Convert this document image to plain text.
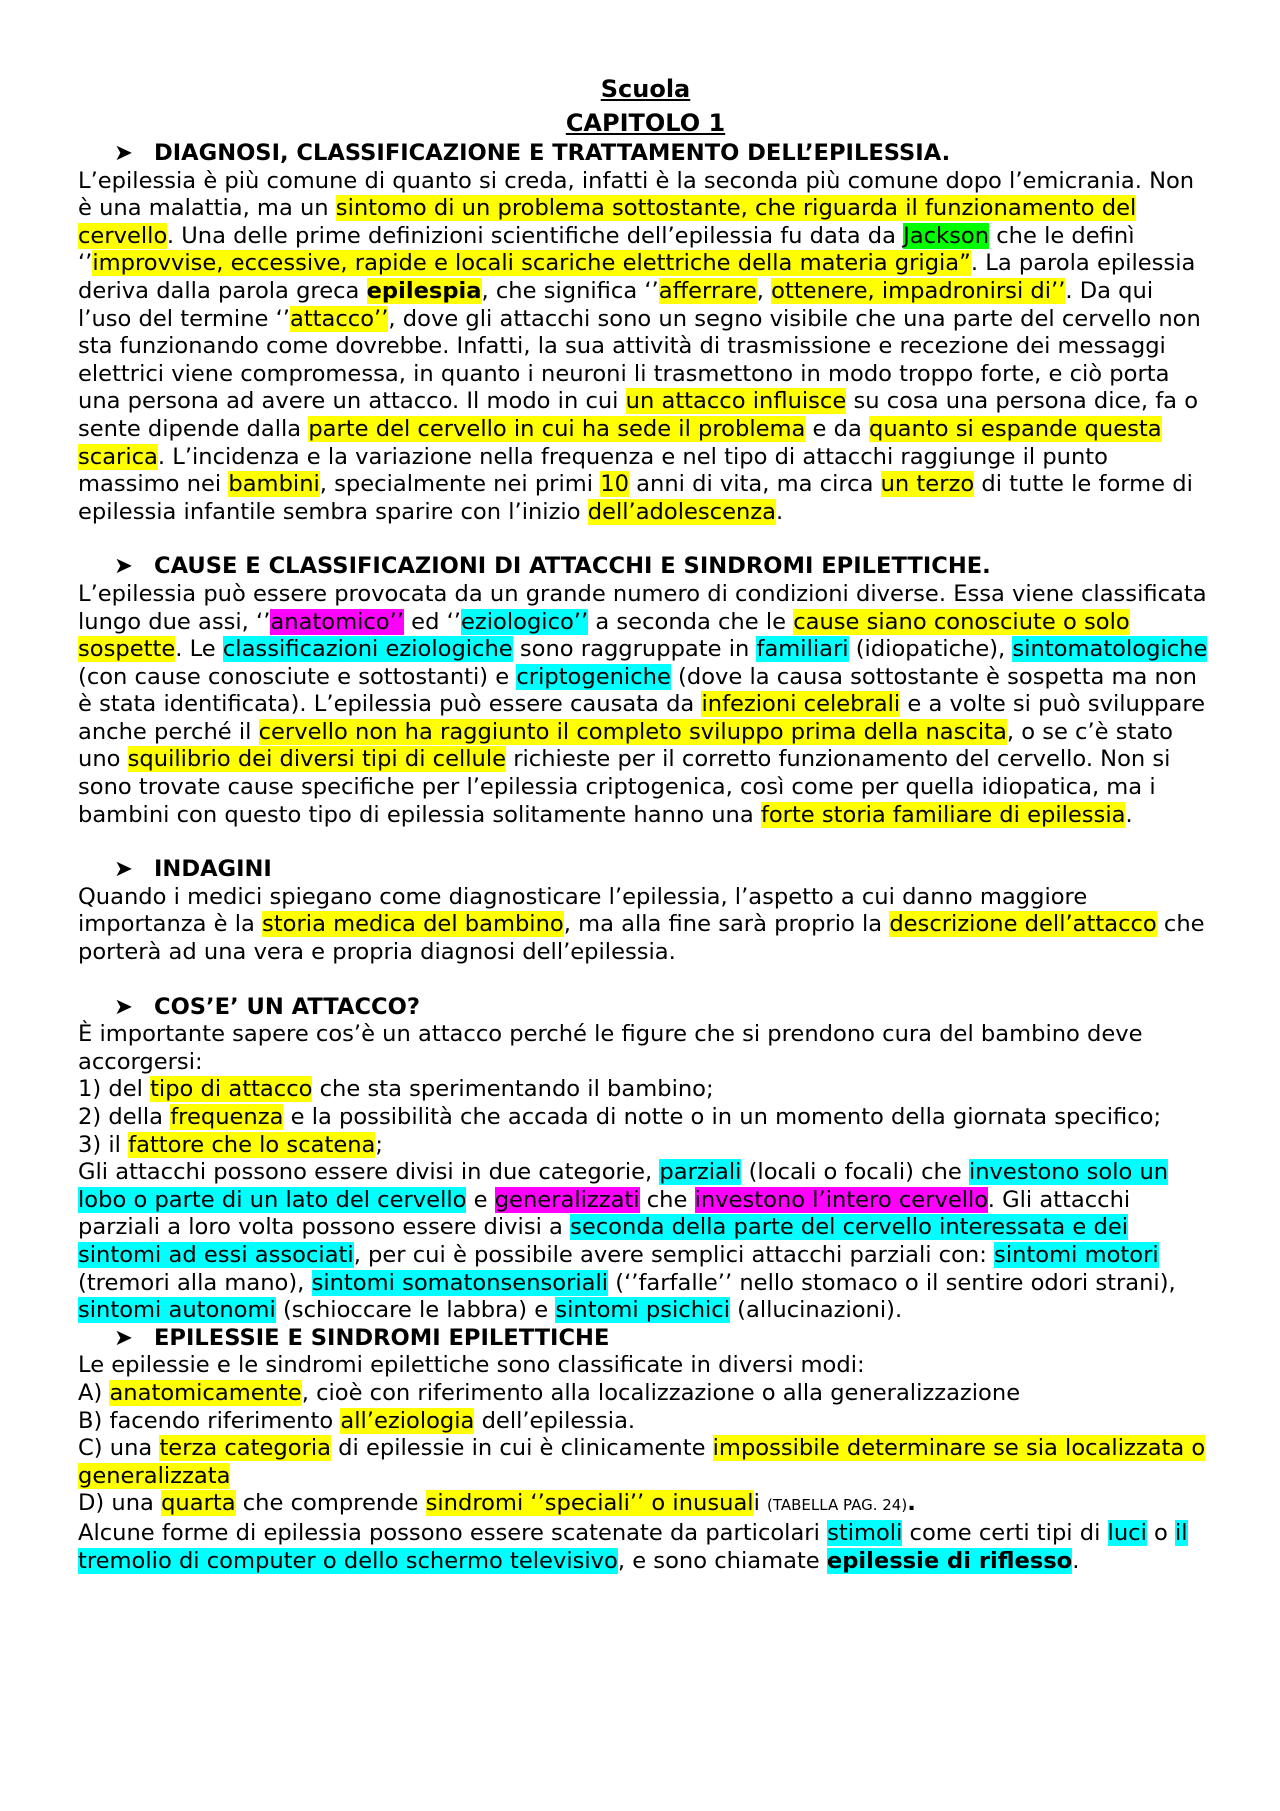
Scuola
CAPITOLO 1
➤ DIAGNOSI, CLASSIFICAZIONE E TRATTAMENTO DELL’EPILESSIA.

L’epilessia è più comune di quanto si creda, infatti è la seconda più comune dopo l’emicrania. Non è una malattia, ma un sintomo di un problema sottostante, che riguarda il funzionamento del cervello. Una delle prime definizioni scientifiche dell’epilessia fu data da Jackson che le definì ‘’improvvise, eccessive, rapide e locali scariche elettriche della materia grigia”. La parola epilessia deriva dalla parola greca epilespia, che significa ‘’afferrare, ottenere, impadronirsi di’’. Da qui l’uso del termine ‘’attacco’’, dove gli attacchi sono un segno visibile che una parte del cervello non sta funzionando come dovrebbe. Infatti, la sua attività di trasmissione e recezione dei messaggi elettrici viene compromessa, in quanto i neuroni li trasmettono in modo troppo forte, e ciò porta una persona ad avere un attacco. Il modo in cui un attacco influisce su cosa una persona dice, fa o sente dipende dalla parte del cervello in cui ha sede il problema e da quanto si espande questa scarica. L’incidenza e la variazione nella frequenza e nel tipo di attacchi raggiunge il punto massimo nei bambini, specialmente nei primi 10 anni di vita, ma circa un terzo di tutte le forme di epilessia infantile sembra sparire con l’inizio dell’adolescenza.

➤ CAUSE E CLASSIFICAZIONI DI ATTACCHI E SINDROMI EPILETTICHE.

L’epilessia può essere provocata da un grande numero di condizioni diverse. Essa viene classificata lungo due assi, ‘’anatomico’’ ed ‘’eziologico’’ a seconda che le cause siano conosciute o solo sospette. Le classificazioni eziologiche sono raggruppate in familiari (idiopatiche), sintomatologiche (con cause conosciute e sottostanti) e criptogeniche (dove la causa sottostante è sospetta ma non è stata identificata). L’epilessia può essere causata da infezioni celebrali e a volte si può sviluppare anche perché il cervello non ha raggiunto il completo sviluppo prima della nascita, o se c’è stato uno squilibrio dei diversi tipi di cellule richieste per il corretto funzionamento del cervello. Non si sono trovate cause specifiche per l’epilessia criptogenica, così come per quella idiopatica, ma i bambini con questo tipo di epilessia solitamente hanno una forte storia familiare di epilessia.

➤ INDAGINI

Quando i medici spiegano come diagnosticare l’epilessia, l’aspetto a cui danno maggiore importanza è la storia medica del bambino, ma alla fine sarà proprio la descrizione dell’attacco che porterà ad una vera e propria diagnosi dell’epilessia.

➤ COS’E’ UN ATTACCO?

È importante sapere cos’è un attacco perché le figure che si prendono cura del bambino deve accorgersi:

1) del tipo di attacco che sta sperimentando il bambino;

2) della frequenza e la possibilità che accada di notte o in un momento della giornata specifico;

3) il fattore che lo scatena;

Gli attacchi possono essere divisi in due categorie, parziali (locali o focali) che investono solo un lobo o parte di un lato del cervello e generalizzati che investono l’intero cervello. Gli attacchi parziali a loro volta possono essere divisi a seconda della parte del cervello interessata e dei sintomi ad essi associati, per cui è possibile avere semplici attacchi parziali con: sintomi motori (tremori alla mano), sintomi somatonsensoriali (‘’farfalle’’ nello stomaco o il sentire odori strani), sintomi autonomi (schioccare le labbra) e sintomi psichici (allucinazioni).

➤ EPILESSIE E SINDROMI EPILETTICHE

Le epilessie e le sindromi epilettiche sono classificate in diversi modi:

A) anatomicamente, cioè con riferimento alla localizzazione o alla generalizzazione

B) facendo riferimento all’eziologia dell’epilessia.

C) una terza categoria di epilessie in cui è clinicamente impossibile determinare se sia localizzata o generalizzata

D) una quarta che comprende sindromi ‘’speciali’’ o inusuali (TABELLA PAG. 24).

Alcune forme di epilessia possono essere scatenate da particolari stimoli come certi tipi di luci o il tremolio di computer o dello schermo televisivo, e sono chiamate epilessie di riflesso.
